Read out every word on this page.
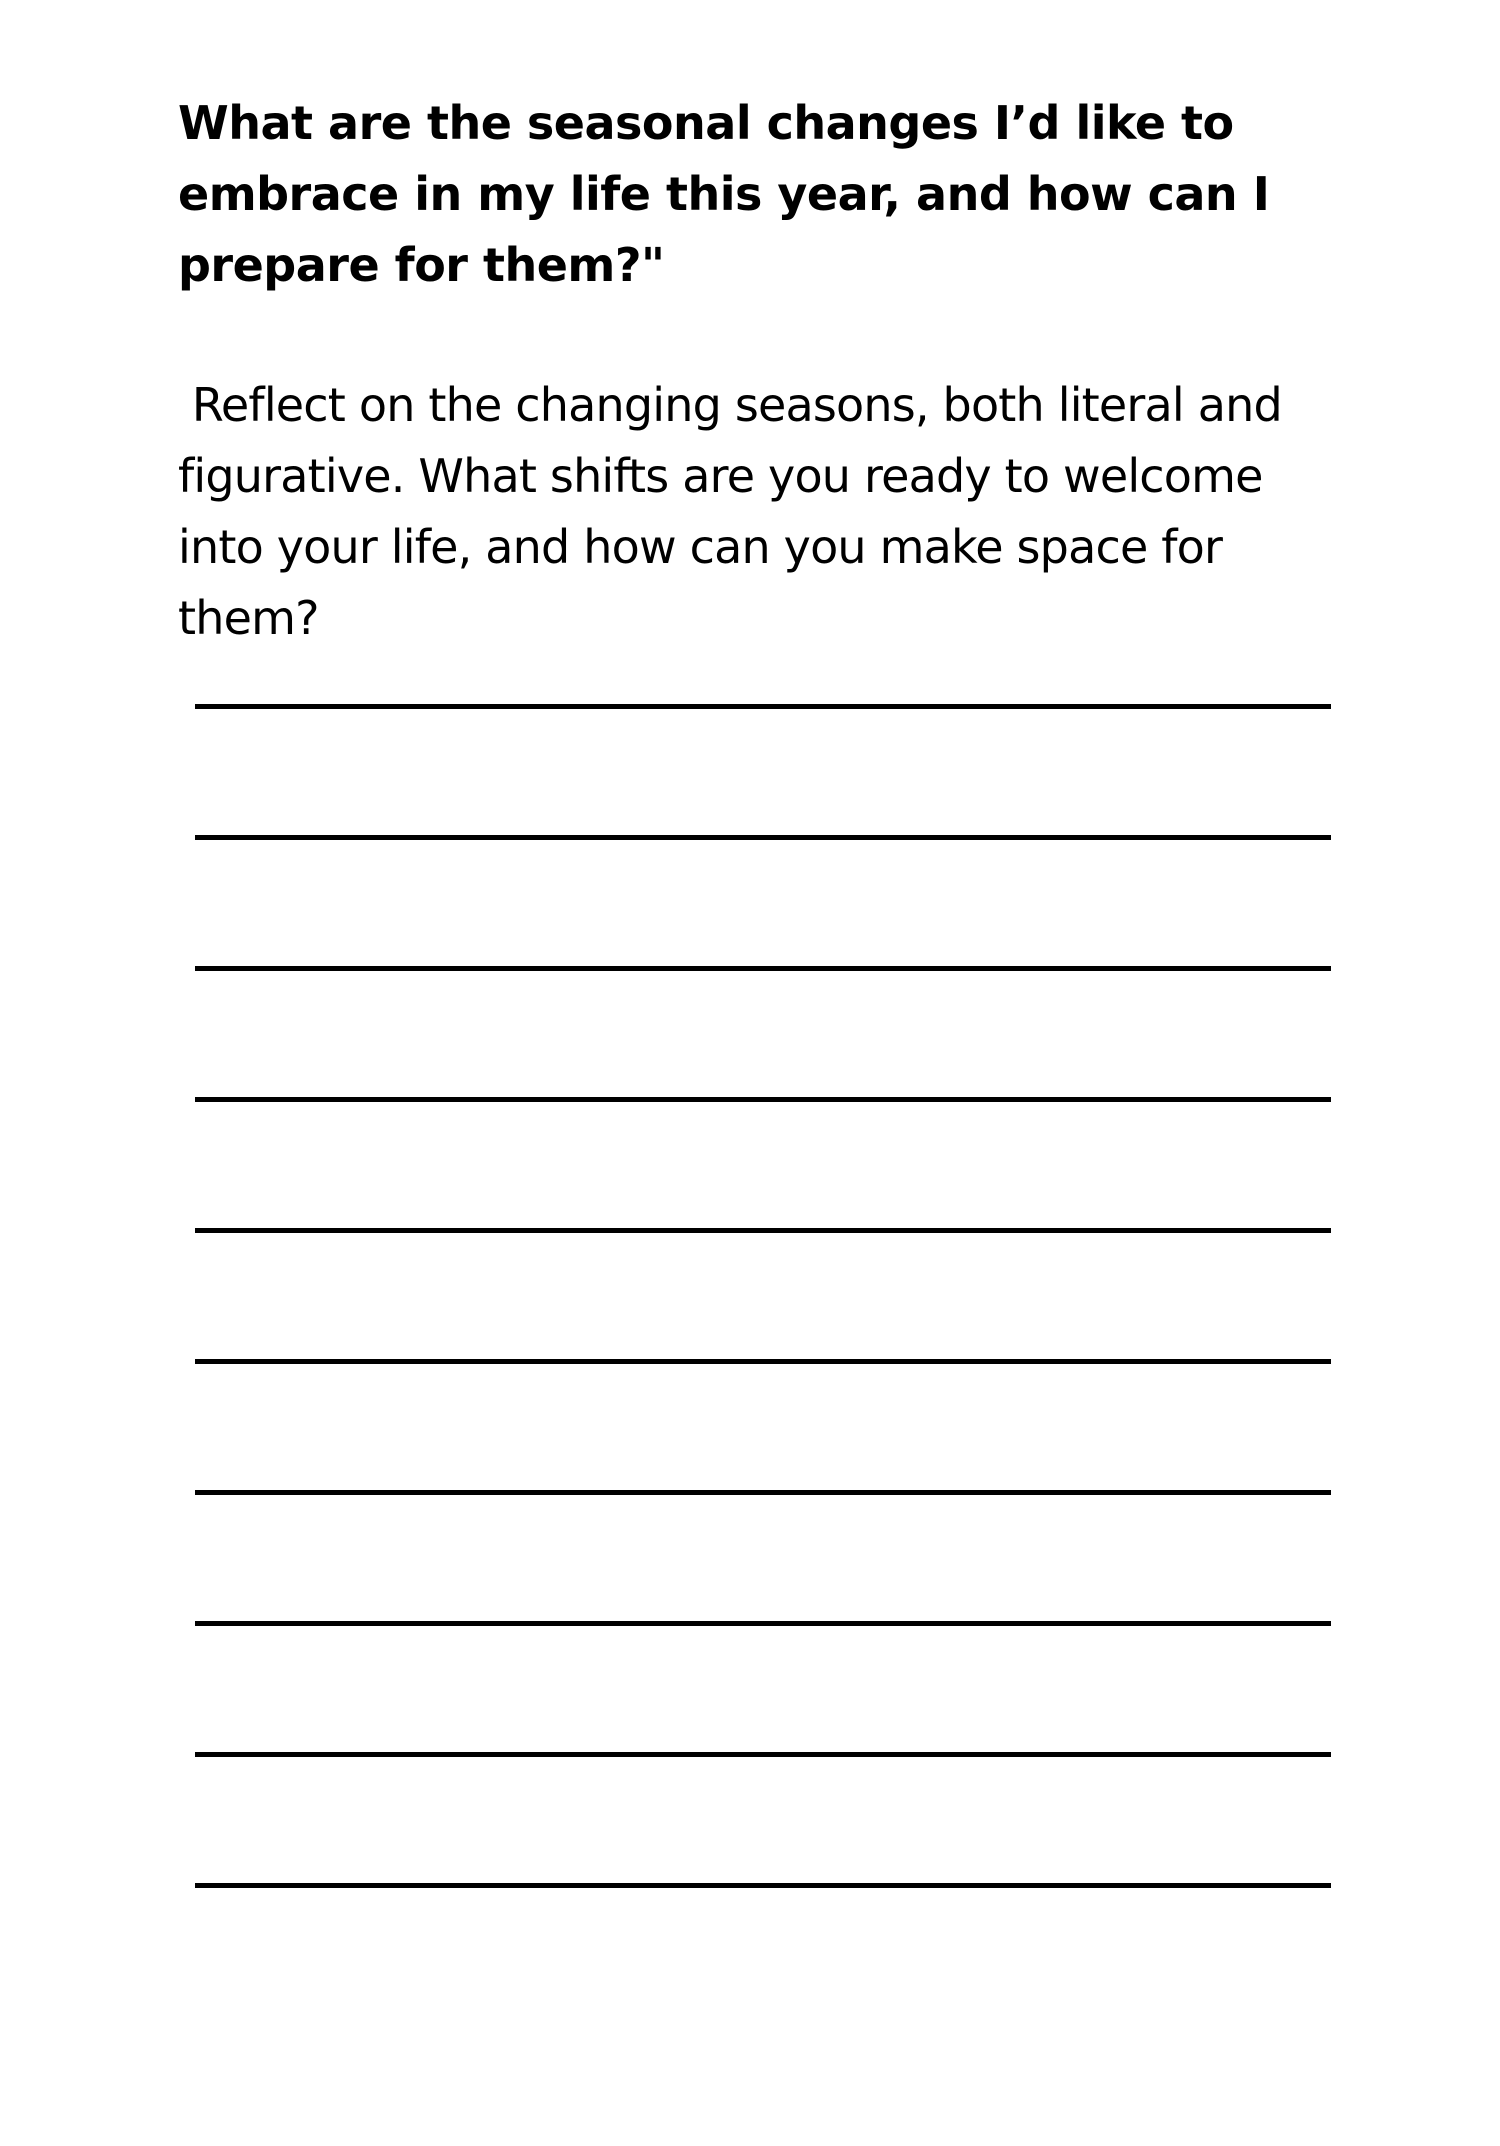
What are the seasonal changes I’d like to embrace in my life this year, and how can I prepare for them?"

Reflect on the changing seasons, both literal and figurative. What shifts are you ready to welcome into your life, and how can you make space for them?
